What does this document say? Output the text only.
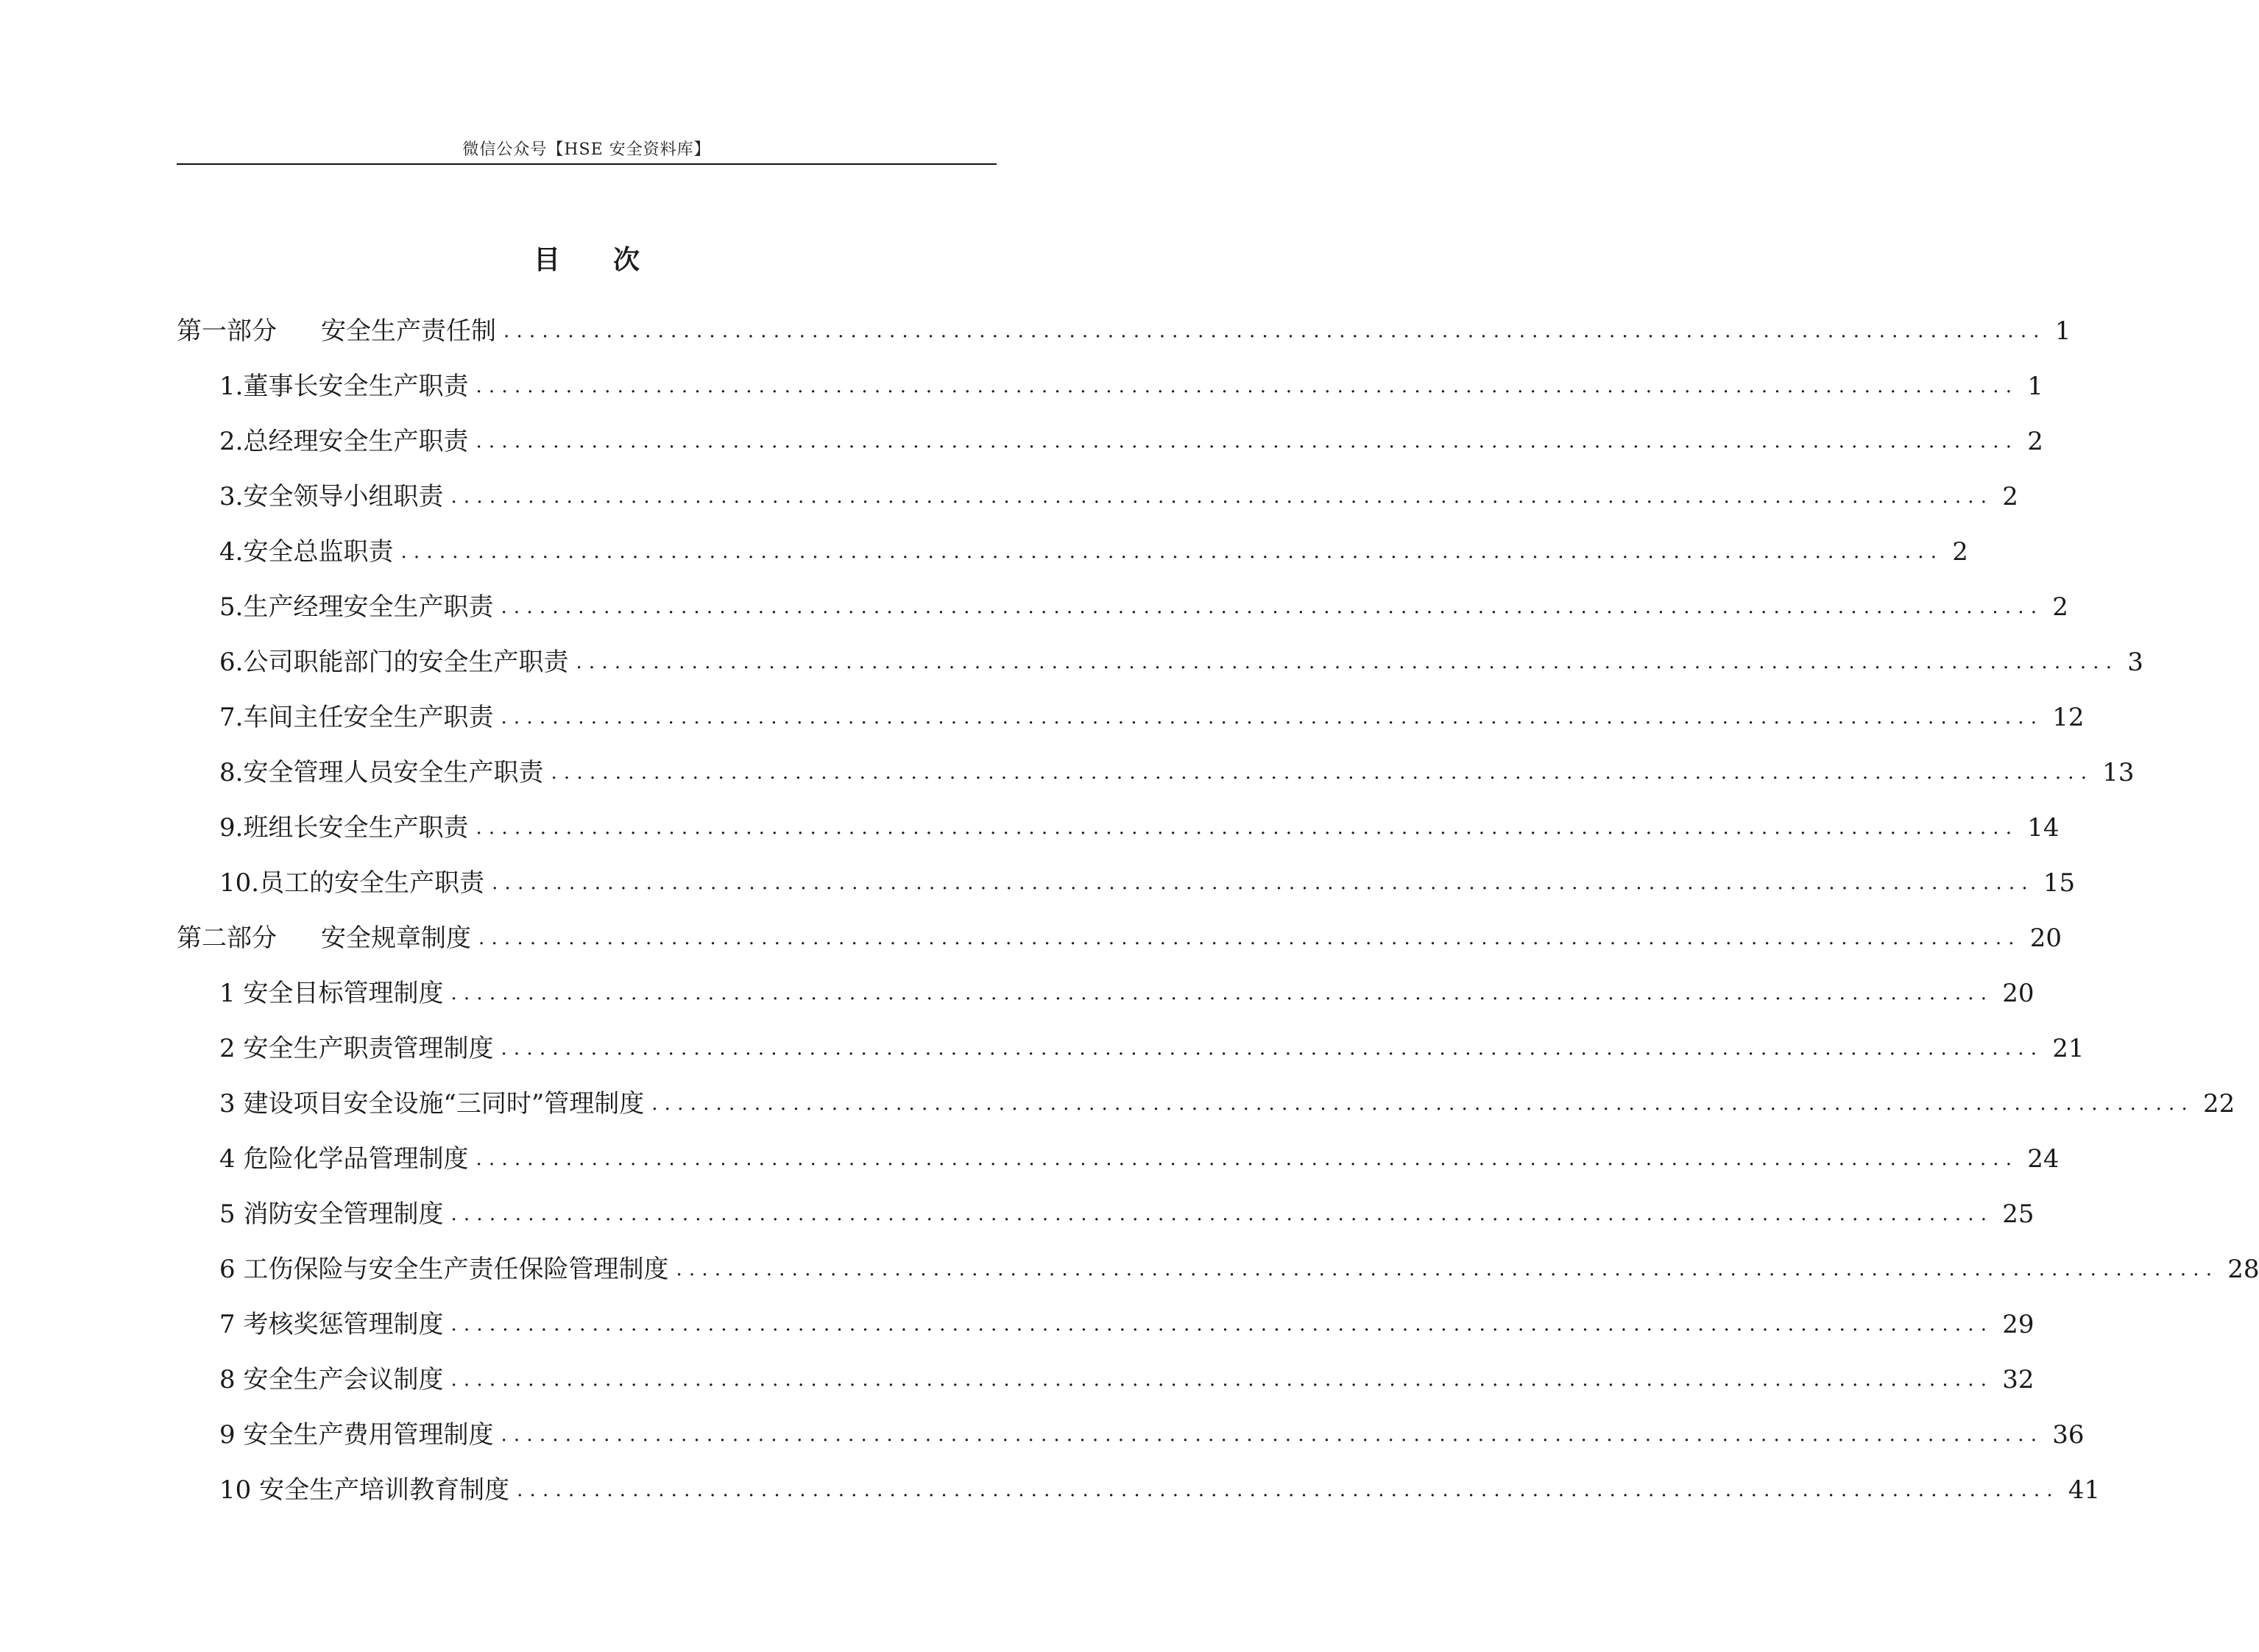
微信公众号【HSE 安全资料库】
目次
第一部分 安全生产责任制 ........................................................................................................................ 1
1.董事长安全生产职责 ........................................................................................................................ 1
2.总经理安全生产职责 ........................................................................................................................ 2
3.安全领导小组职责 ........................................................................................................................ 2
4.安全总监职责 ........................................................................................................................ 2
5.生产经理安全生产职责 ........................................................................................................................ 2
6.公司职能部门的安全生产职责 ........................................................................................................................ 3
7.车间主任安全生产职责 ........................................................................................................................ 12
8.安全管理人员安全生产职责 ........................................................................................................................ 13
9.班组长安全生产职责 ........................................................................................................................ 14
10.员工的安全生产职责 ........................................................................................................................ 15
第二部分 安全规章制度 ........................................................................................................................ 20
1 安全目标管理制度 ........................................................................................................................ 20
2 安全生产职责管理制度 ........................................................................................................................ 21
3 建设项目安全设施“三同时”管理制度 ........................................................................................................................ 22
4 危险化学品管理制度 ........................................................................................................................ 24
5 消防安全管理制度 ........................................................................................................................ 25
6 工伤保险与安全生产责任保险管理制度 ........................................................................................................................ 28
7 考核奖惩管理制度 ........................................................................................................................ 29
8 安全生产会议制度 ........................................................................................................................ 32
9 安全生产费用管理制度 ........................................................................................................................ 36
10 安全生产培训教育制度 ........................................................................................................................ 41
